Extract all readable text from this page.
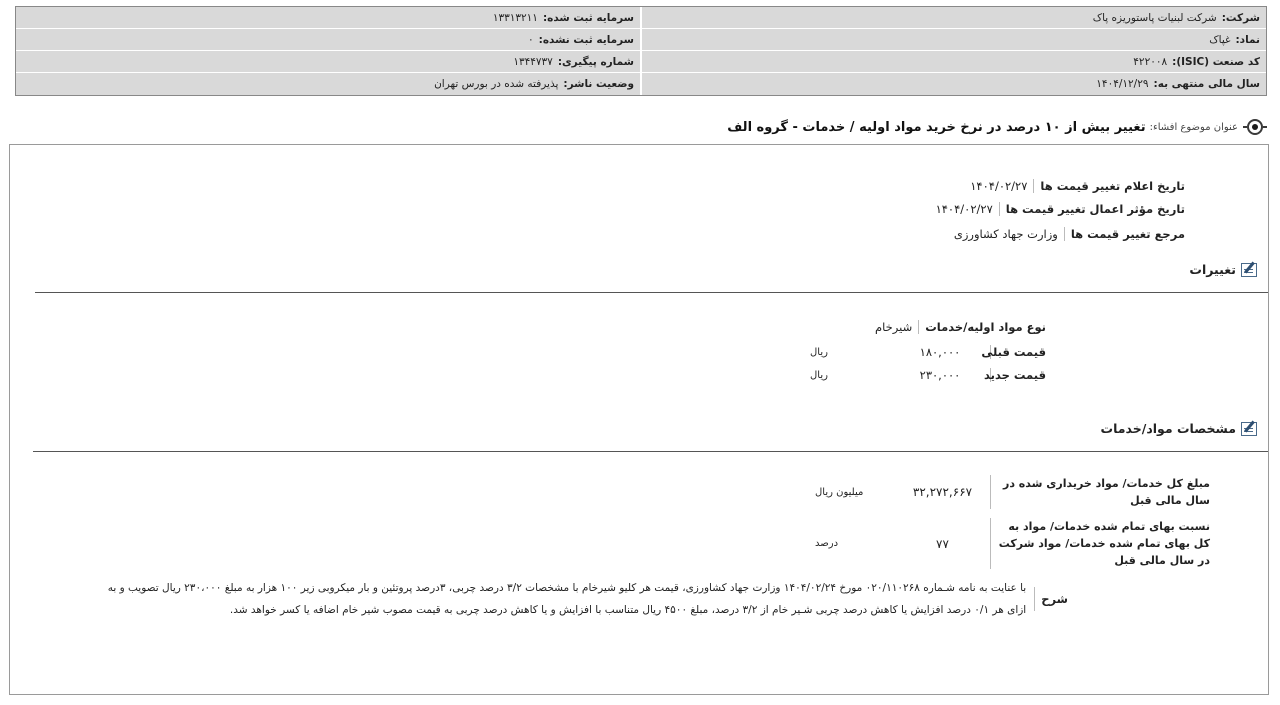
شرکت:
شرکت لبنیات پاستوریزه پاک
سرمایه ثبت شده:
۱۳۳۱۳۲۱۱
نماد:
غپاک
سرمایه ثبت نشده:
۰
کد صنعت (ISIC):
۴۲۲۰۰۸
شماره پیگیری:
۱۳۴۴۷۳۷
سال مالی منتهی به:
۱۴۰۴/۱۲/۲۹
وضعیت ناشر:
پذیرفته شده در بورس تهران
عنوان موضوع افشاء:
تغییر بیش از ۱۰ درصد در نرخ خرید مواد اولیه / خدمات - گروه الف
تاریخ اعلام تغییر قیمت ها
۱۴۰۴/۰۲/۲۷
تاریخ مؤثر اعمال تغییر قیمت ها
۱۴۰۴/۰۲/۲۷
مرجع تغییر قیمت ها
وزارت جهاد کشاورزی
تغییرات
نوع مواد اولیه/خدمات
شیرخام
قیمت قبلی
۱۸۰,۰۰۰
ریال
قیمت جدید
۲۳۰,۰۰۰
ریال
مشخصات مواد/خدمات
مبلغ کل خدمات/ مواد خریداری شده در سال مالی قبل
۳۲,۲۷۲,۶۶۷
میلیون ریال
نسبت بهای تمام شده خدمات/ مواد به کل بهای تمام شده خدمات/ مواد شرکت در سال مالی قبل
۷۷
درصد
شرح
با عنایت به نامه شـماره ۰۲۰/۱۱۰۲۶۸ مورخ ۱۴۰۴/۰۲/۲۴ وزارت جهاد کشاورزی، قیمت هر کلیو شیرخام با مشخصات ۳/۲ درصد چربی، ۳درصد پروتئین و بار میکروبی زیر ۱۰۰ هزار به مبلغ ۲۳۰،۰۰۰ ریال تصویب و به ازای هر ۰/۱ درصد افزایش یا کاهش درصد چربی شـیر خام از ۳/۲ درصد، مبلغ ۴۵۰۰ ریال متناسب با افزایش و یا کاهش درصد چربی به قیمت مصوب شیر خام اضافه یا کسر خواهد شد.
